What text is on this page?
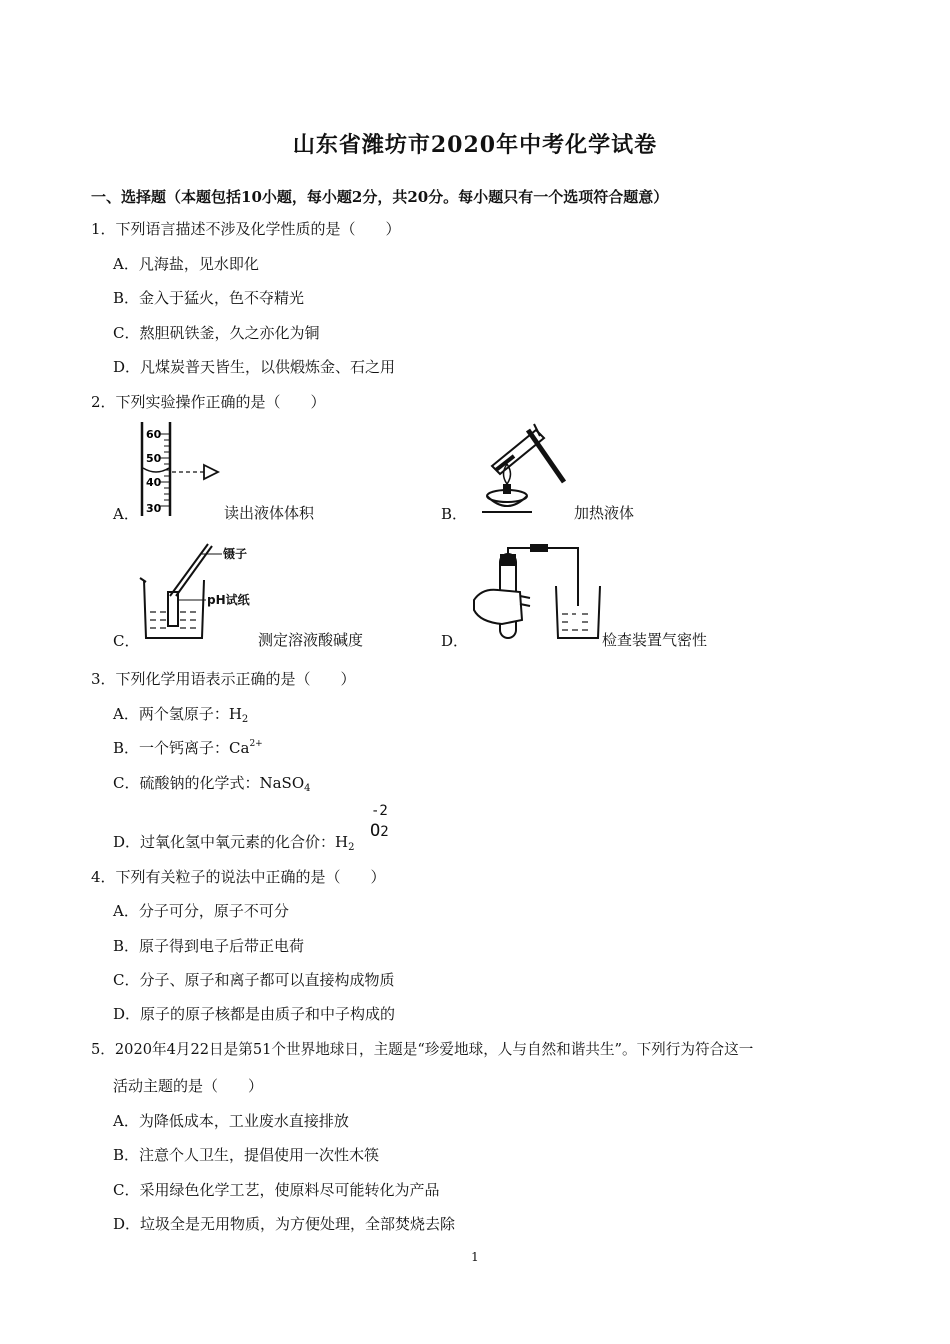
山东省潍坊市2020年中考化学试卷
一、选择题（本题包括10小题，每小题2分，共20分。每小题只有一个选项符合题意）
1．下列语言描述不涉及化学性质的是（　　）
A．凡海盐，见水即化
B．金入于猛火，色不夺精光
C．熬胆矾铁釜，久之亦化为铜
D．凡煤炭普天皆生，以供煅炼金、石之用
2．下列实验操作正确的是（　　）
60
50
40
30
A．	读出液体体积	B．	加热液体
镊子
pH试纸
C．	测定溶液酸碱度	D．	检查装置气密性
3．下列化学用语表示正确的是（　　）
A．两个氢原子：$H_2$
B．一个钙离子：$Ca^{2+}$
C．硫酸钠的化学式：NaSO$_4$
D．过氧化氢中氧元素的化合价：$H_2$
-2
O2
4．下列有关粒子的说法中正确的是（　　）
A．分子可分，原子不可分
B．原子得到电子后带正电荷
C．分子、原子和离子都可以直接构成物质
D．原子的原子核都是由质子和中子构成的
5．2020年4月22日是第51个世界地球日，主题是“珍爱地球，人与自然和谐共生”。下列行为符合这一
活动主题的是（　　）
A．为降低成本，工业废水直接排放
B．注意个人卫生，提倡使用一次性木筷
C．采用绿色化学工艺，使原料尽可能转化为产品
D．垃圾全是无用物质，为方便处理，全部焚烧去除
1
